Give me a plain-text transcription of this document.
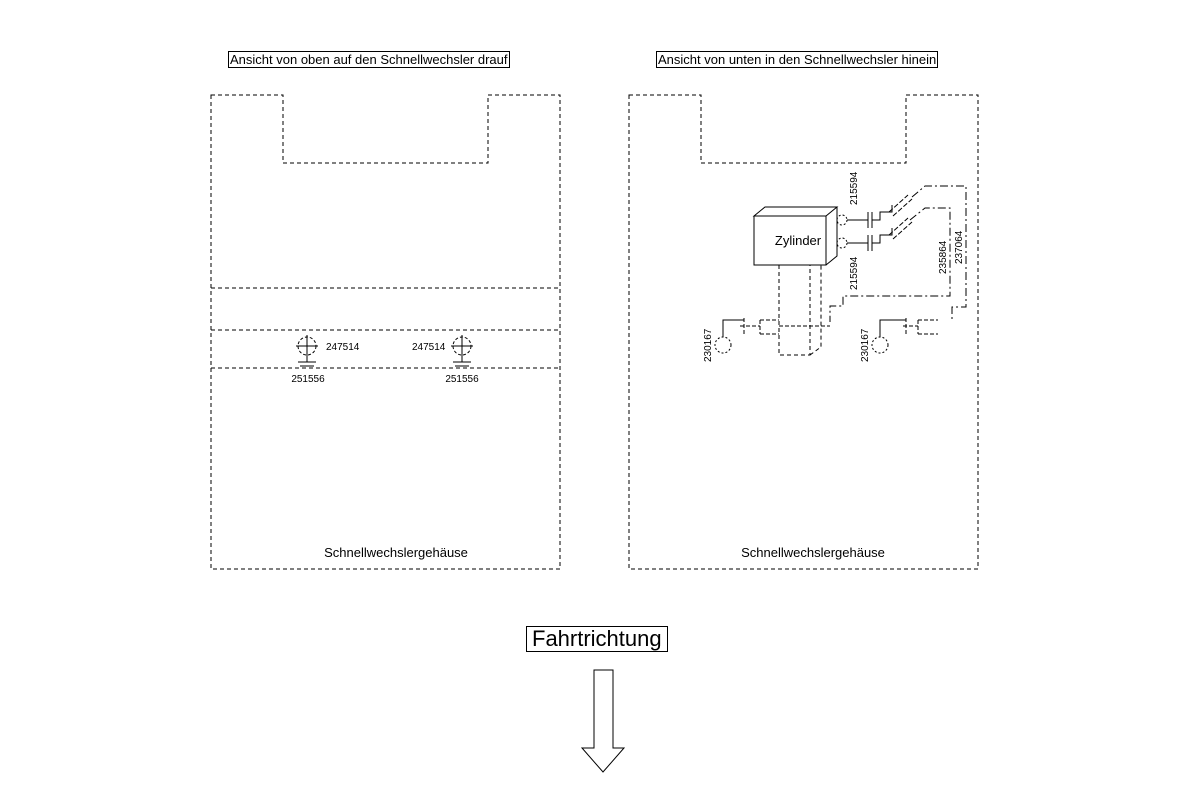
Ansicht von oben auf den Schnellwechsler drauf	Ansicht von unten in den Schnellwechsler hinein
Fahrtrichtung
247514
251556
247514
251556
Schnellwechslergehäuse
Zylinder
215594
215594	235864 237064
230167	230167
Schnellwechslergehäuse
